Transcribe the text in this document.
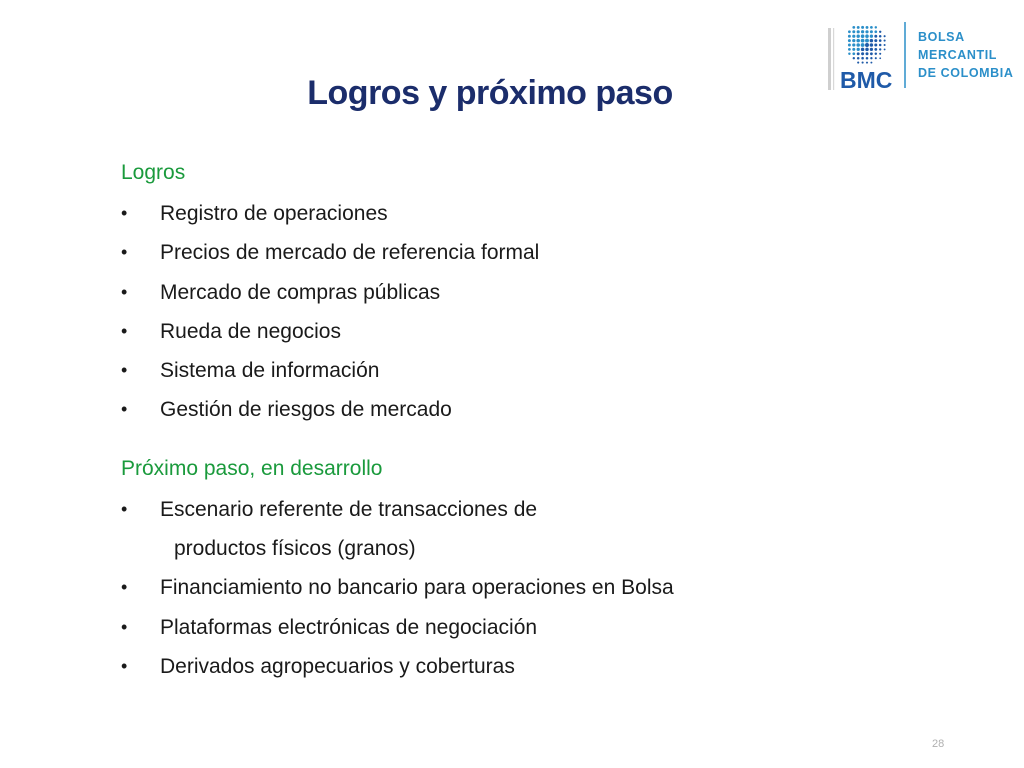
Logros y próximo paso	BMC
BOLSA
MERCANTIL
DE COLOMBIA
Logros
• Registro de operaciones
• Precios de mercado de referencia formal
• Mercado de compras públicas
• Rueda de negocios
• Sistema de información
• Gestión de riesgos de mercado
Próximo paso, en desarrollo
• Escenario referente de transacciones de
productos físicos (granos)
• Financiamiento no bancario para operaciones en Bolsa
• Plataformas electrónicas de negociación
• Derivados agropecuarios y coberturas
28
